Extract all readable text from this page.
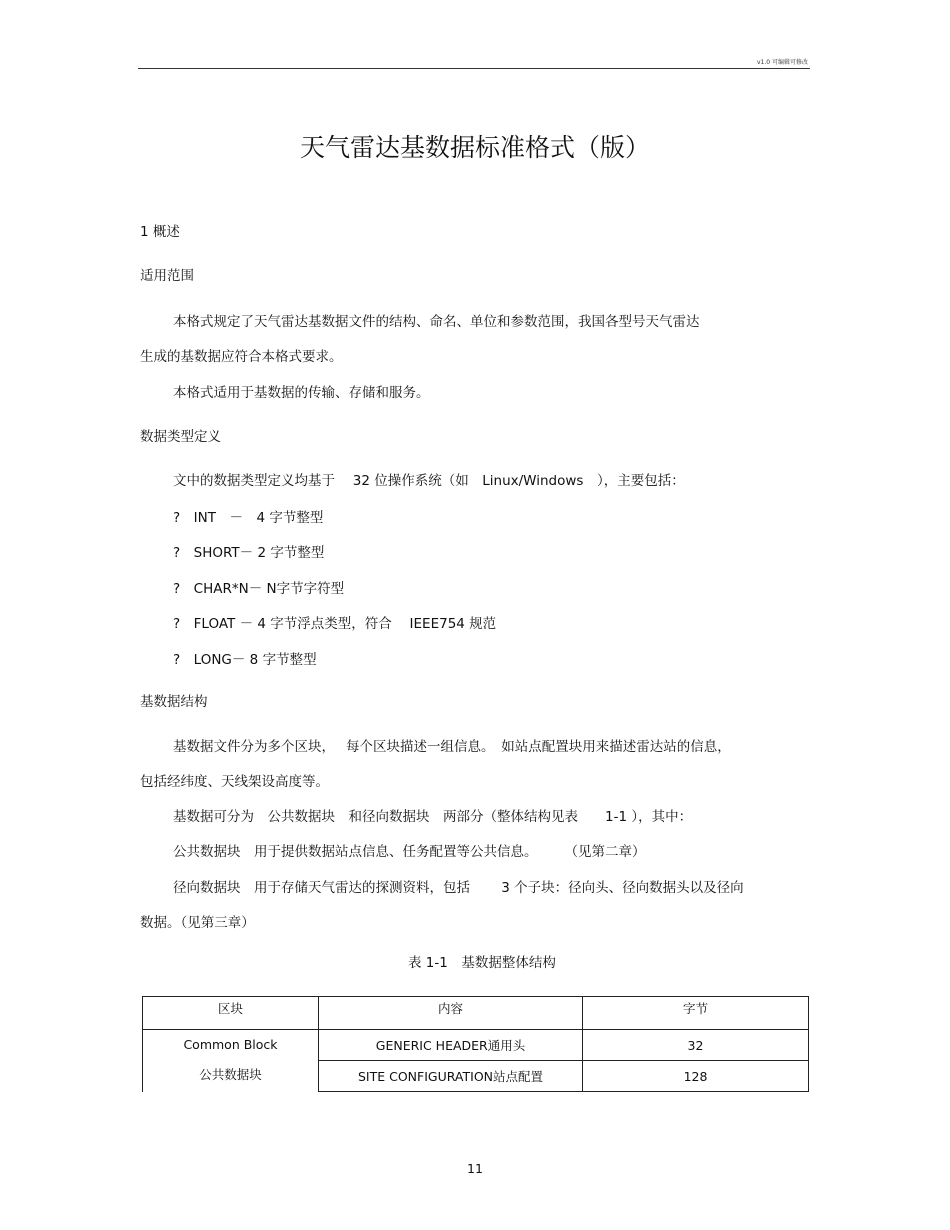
v1.0 可编辑可修改
天气雷达基数据标准格式（版）
1 概述
适用范围
本格式规定了天气雷达基数据文件的结构、命名、单位和参数范围，我国各型号天气雷达
生成的基数据应符合本格式要求。
本格式适用于基数据的传输、存储和服务。
数据类型定义
文中的数据类型定义均基于　 32 位操作系统（如　Linux/Windows　），主要包括：
?　INT　－　4 字节整型
?　SHORT－ 2 字节整型
?　CHAR*N－ N字节字符型
?　FLOAT － 4 字节浮点类型，符合　 IEEE754 规范
?　LONG－ 8 字节整型
基数据结构
基数据文件分为多个区块，　 每个区块描述一组信息。　如站点配置块用来描述雷达站的信息，
包括经纬度、天线架设高度等。
基数据可分为　公共数据块　和径向数据块　两部分（整体结构见表　　1-1 ），其中：
公共数据块　用于提供数据站点信息、任务配置等公共信息。　　　（见第二章）
径向数据块　用于存储天气雷达的探测资料，包括　　 3 个子块：径向头、径向数据头以及径向
数据。（见第三章）
表 1-1　基数据整体结构
区块	内容	字节

Common Block
公共数据块	GENERIC HEADER通用头	32
	SITE CONFIGURATION站点配置	128
11
